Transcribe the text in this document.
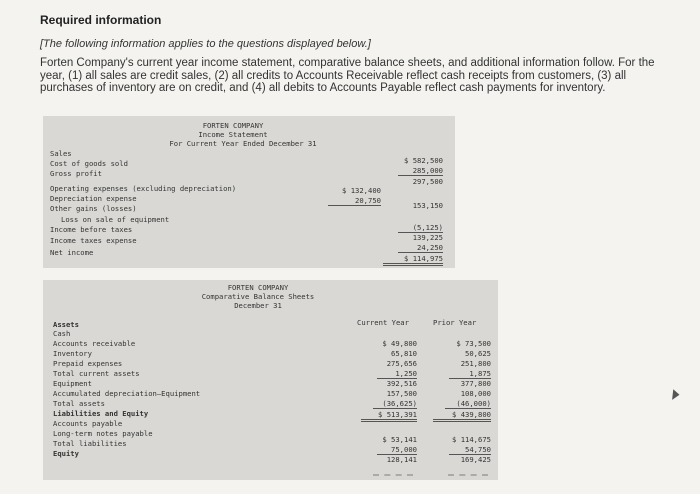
Required information
[The following information applies to the questions displayed below.]
Forten Company's current year income statement, comparative balance sheets, and additional information follow. For the year, (1) all sales are credit sales, (2) all credits to Accounts Receivable reflect cash receipts from customers, (3) all purchases of inventory are on credit, and (4) all debits to Accounts Payable reflect cash payments for inventory.
FORTEN COMPANY
Income Statement
For Current Year Ended December 31
Sales
Cost of goods sold
Gross profit
Operating expenses (excluding depreciation)
Depreciation expense
Other gains (losses)
Loss on sale of equipment
Income before taxes
Income taxes expense
Net income
$ 132,400
20,750
$ 582,500
285,000
297,500
153,150
(5,125)
139,225
24,250
$ 114,975
FORTEN COMPANY
Comparative Balance Sheets
December 31
Current Year	Prior Year
Assets
Cash
Accounts receivable
Inventory
Prepaid expenses
Total current assets
Equipment
Accumulated depreciation—Equipment
Total assets
Liabilities and Equity
Accounts payable
Long-term notes payable
Total liabilities
Equity
$ 49,800
65,810
275,656
1,250
392,516
157,500
(36,625)
$ 513,391
$ 53,141
75,000
128,141
$ 73,500
50,625
251,800
1,875
377,800
108,000
(46,000)
$ 439,800
$ 114,675
54,750
169,425
